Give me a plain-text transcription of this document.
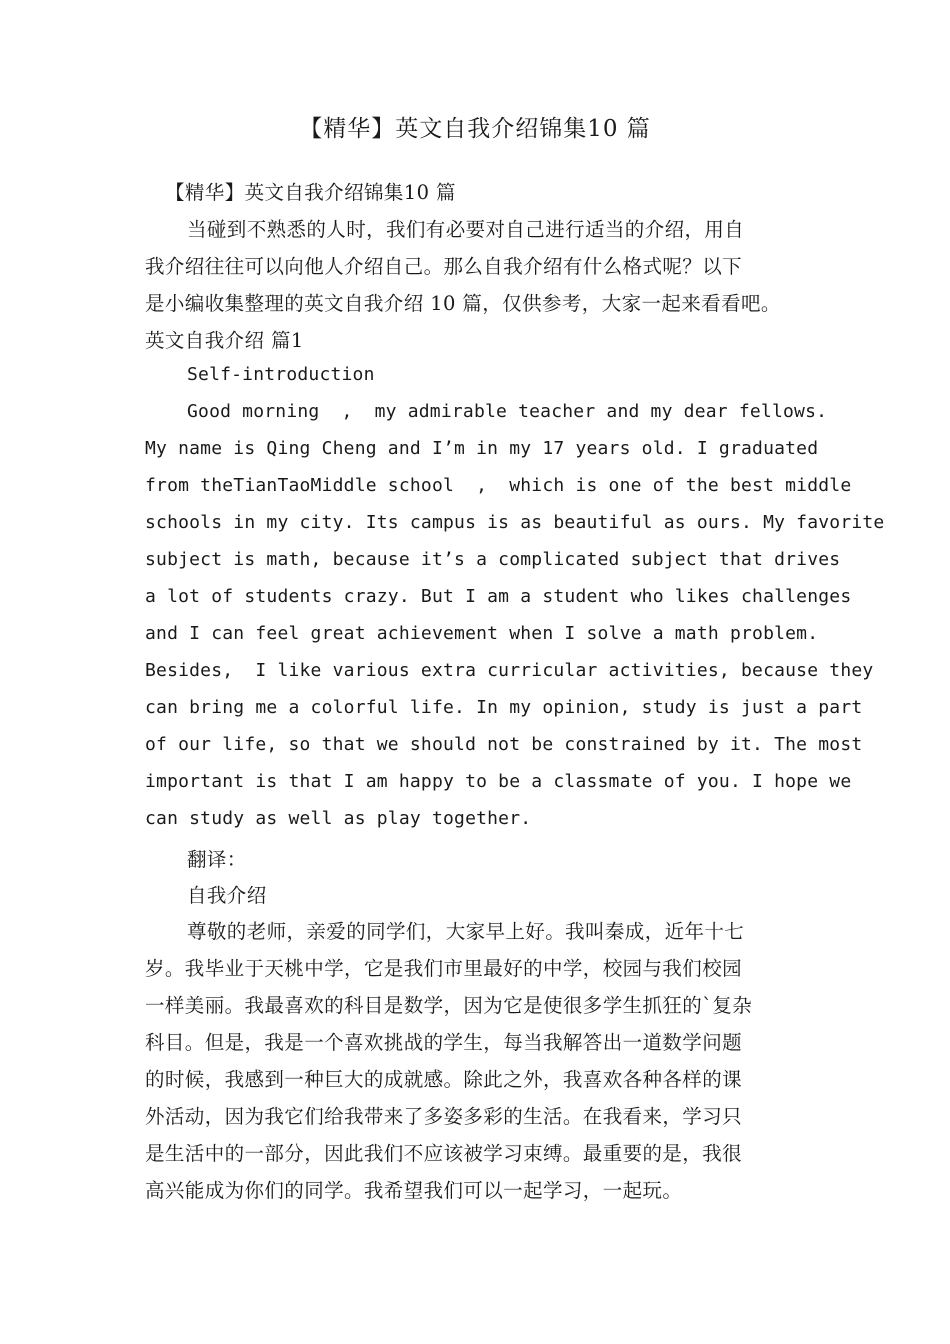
【精华】英文自我介绍锦集10 篇
【精华】英文自我介绍锦集10 篇
当碰到不熟悉的人时，我们有必要对自己进行适当的介绍，用自
我介绍往往可以向他人介绍自己。那么自我介绍有什么格式呢？以下
是小编收集整理的英文自我介绍 10 篇，仅供参考，大家一起来看看吧。
英文自我介绍 篇1
Self-introduction
Good morning  ,  my admirable teacher and my dear fellows.
My name is Qing Cheng and I’m in my 17 years old. I graduated
from theTianTaoMiddle school  ,  which is one of the best middle
schools in my city. Its campus is as beautiful as ours. My favorite
subject is math, because it’s a complicated subject that drives
a lot of students crazy. But I am a student who likes challenges
and I can feel great achievement when I solve a math problem.
Besides,  I like various extra curricular activities, because they
can bring me a colorful life. In my opinion, study is just a part
of our life, so that we should not be constrained by it. The most
important is that I am happy to be a classmate of you. I hope we
can study as well as play together.
翻译：
自我介绍
尊敬的老师，亲爱的同学们，大家早上好。我叫秦成，近年十七
岁。我毕业于天桃中学，它是我们市里最好的中学，校园与我们校园
一样美丽。我最喜欢的科目是数学，因为它是使很多学生抓狂的`复杂
科目。但是，我是一个喜欢挑战的学生，每当我解答出一道数学问题
的时候，我感到一种巨大的成就感。除此之外，我喜欢各种各样的课
外活动，因为我它们给我带来了多姿多彩的生活。在我看来，学习只
是生活中的一部分，因此我们不应该被学习束缚。最重要的是，我很
高兴能成为你们的同学。我希望我们可以一起学习，一起玩。
